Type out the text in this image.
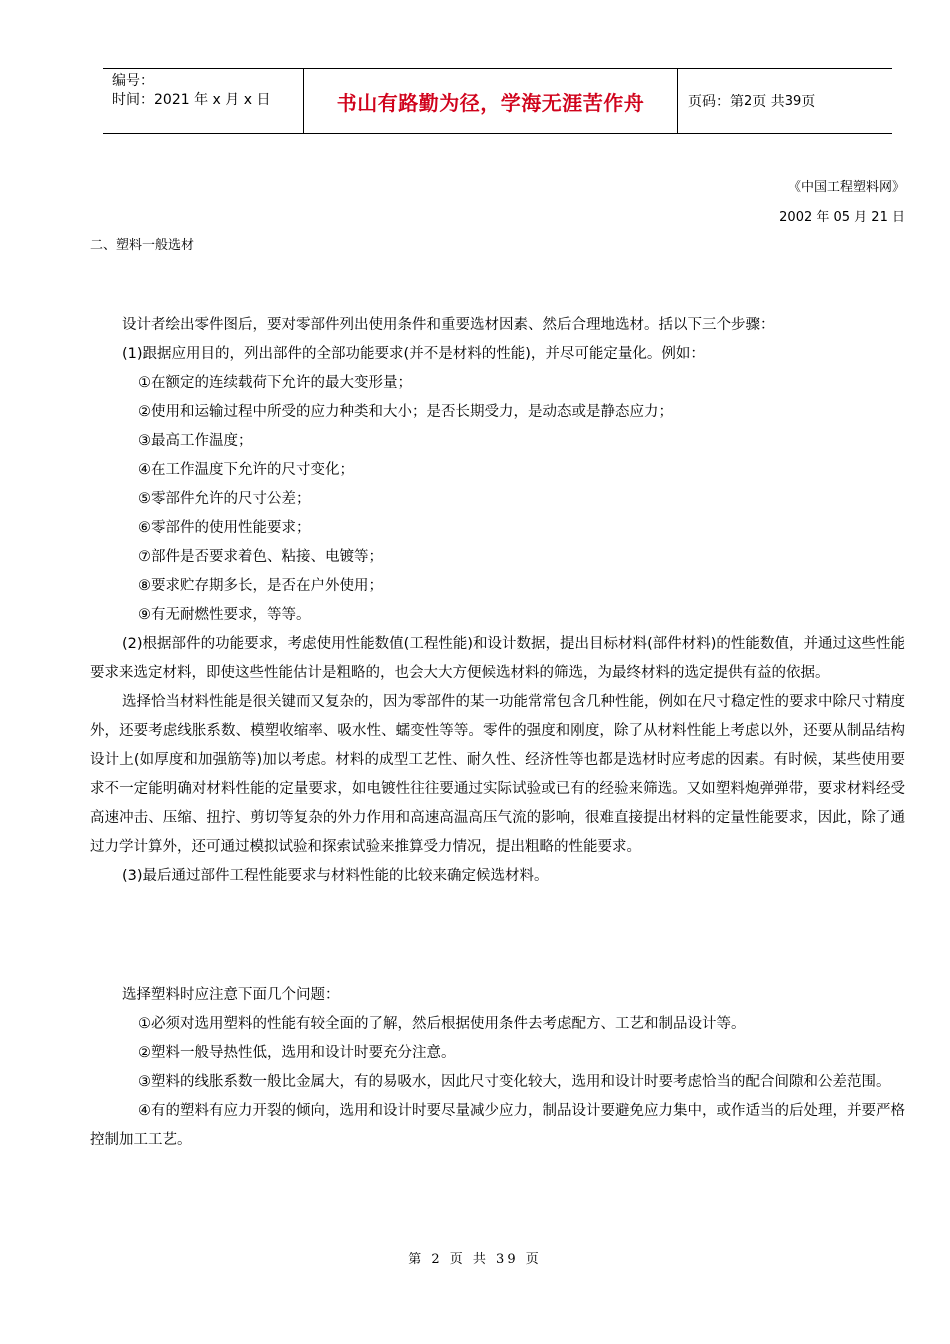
编号：
时间：2021 年 x 月 x 日	书山有路勤为径，学海无涯苦作舟	页码：第 2 页 共 39 页
《中国工程塑料网》
2002 年 05 月 21 日
二、塑料一般选材

设计者绘出零件图后，要对零部件列出使用条件和重要选材因素、然后合理地选材。括以下三个步骤：

(1)跟据应用目的，列出部件的全部功能要求(并不是材料的性能)，并尽可能定量化。例如：

①在额定的连续载荷下允许的最大变形量；

②使用和运输过程中所受的应力种类和大小；是否长期受力，是动态或是静态应力；

③最高工作温度；

④在工作温度下允许的尺寸变化；

⑤零部件允许的尺寸公差；

⑥零部件的使用性能要求；

⑦部件是否要求着色、粘接、电镀等；

⑧要求贮存期多长，是否在户外使用；

⑨有无耐燃性要求，等等。

(2)根据部件的功能要求，考虑使用性能数值(工程性能)和设计数据，提出目标材料(部件材料)的性能数值，并通过这些性能要求来选定材料，即使这些性能估计是粗略的，也会大大方便候选材料的筛选，为最终材料的选定提供有益的依据。

选择恰当材料性能是很关键而又复杂的，因为零部件的某一功能常常包含几种性能，例如在尺寸稳定性的要求中除尺寸精度外，还要考虑线胀系数、模塑收缩率、吸水性、蠕变性等等。零件的强度和刚度，除了从材料性能上考虑以外，还要从制品结构设计上(如厚度和加强筋等)加以考虑。材料的成型工艺性、耐久性、经济性等也都是选材时应考虑的因素。有时候，某些使用要求不一定能明确对材料性能的定量要求，如电镀性往往要通过实际试验或已有的经验来筛选。又如塑料炮弹弹带，要求材料经受高速冲击、压缩、扭拧、剪切等复杂的外力作用和高速高温高压气流的影响，很难直接提出材料的定量性能要求，因此，除了通过力学计算外，还可通过模拟试验和探索试验来推算受力情况，提出粗略的性能要求。

(3)最后通过部件工程性能要求与材料性能的比较来确定候选材料。

选择塑料时应注意下面几个问题：

①必须对选用塑料的性能有较全面的了解，然后根据使用条件去考虑配方、工艺和制品设计等。

②塑料一般导热性低，选用和设计时要充分注意。

③塑料的线胀系数一般比金属大，有的易吸水，因此尺寸变化较大，选用和设计时要考虑恰当的配合间隙和公差范围。

④有的塑料有应力开裂的倾向，选用和设计时要尽量减少应力，制品设计要避免应力集中，或作适当的后处理，并要严格控制加工工艺。

第 2 页 共 39 页
